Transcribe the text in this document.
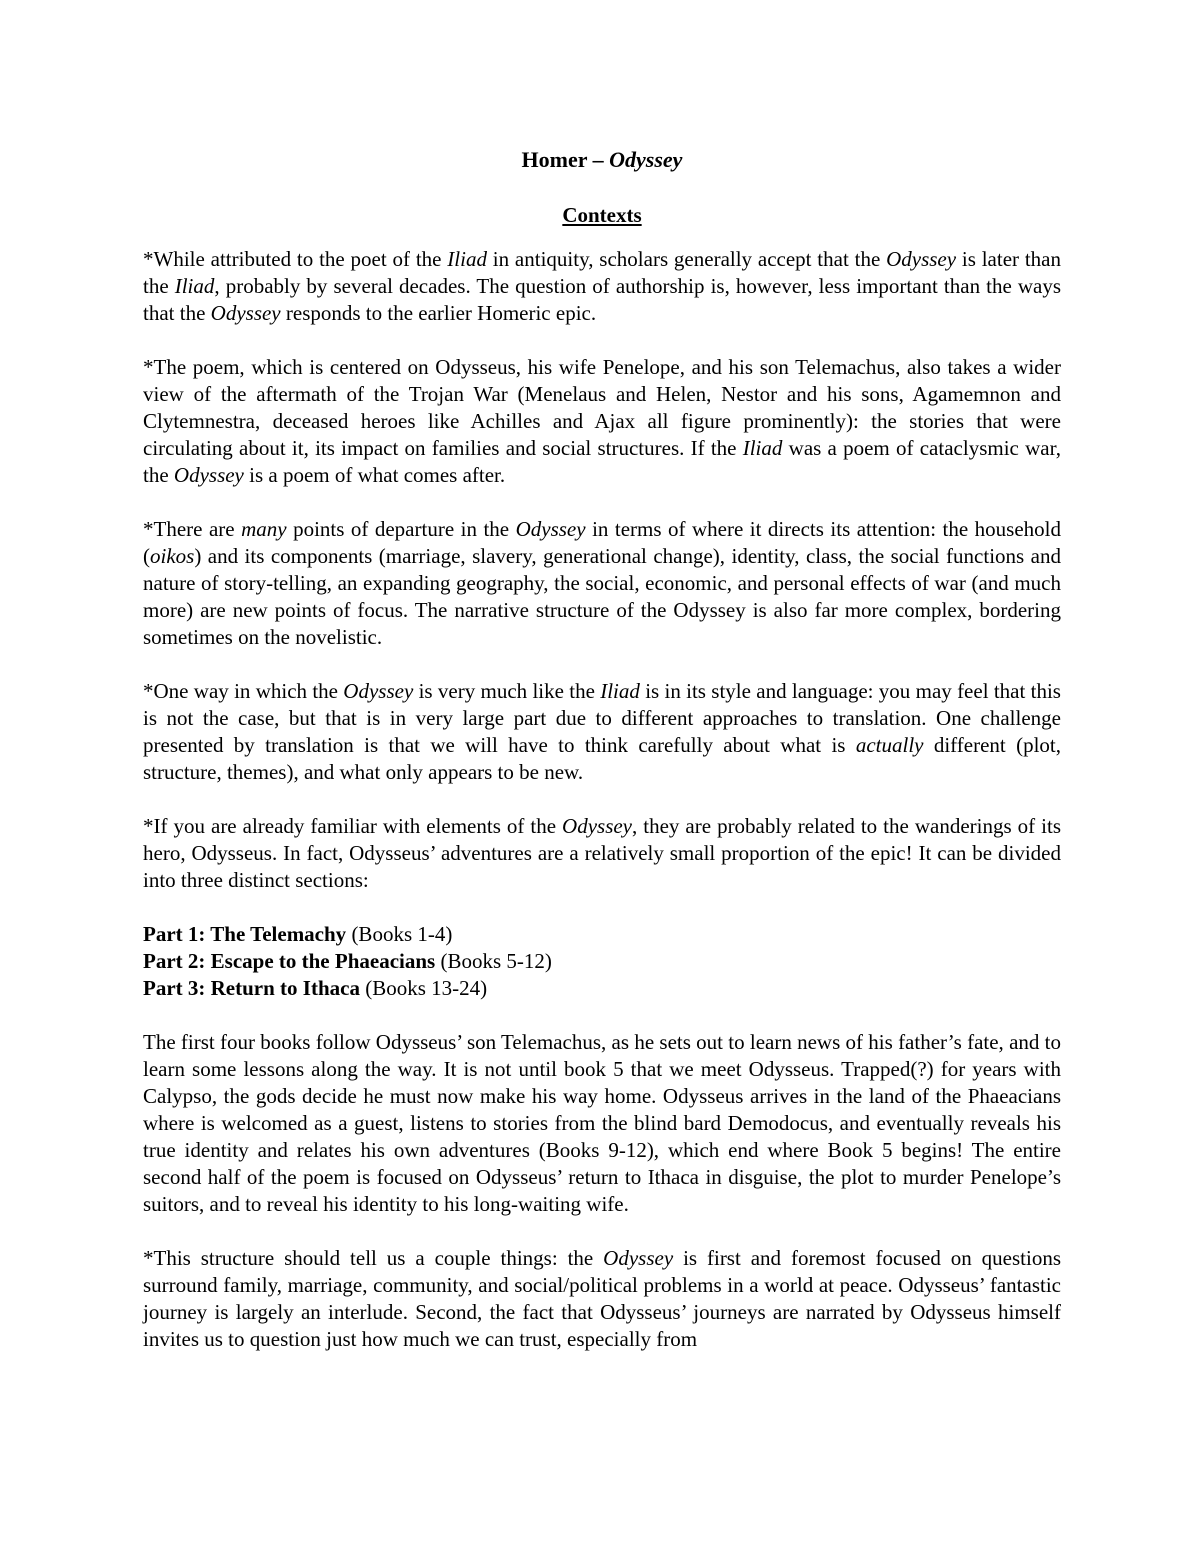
Homer – Odyssey
Contexts

*While attributed to the poet of the Iliad in antiquity, scholars generally accept that the Odyssey is later than the Iliad, probably by several decades. The question of authorship is, however, less important than the ways that the Odyssey responds to the earlier Homeric epic.

*The poem, which is centered on Odysseus, his wife Penelope, and his son Telemachus, also takes a wider view of the aftermath of the Trojan War (Menelaus and Helen, Nestor and his sons, Agamemnon and Clytemnestra, deceased heroes like Achilles and Ajax all figure prominently): the stories that were circulating about it, its impact on families and social structures. If the Iliad was a poem of cataclysmic war, the Odyssey is a poem of what comes after.

*There are many points of departure in the Odyssey in terms of where it directs its attention: the household (oikos) and its components (marriage, slavery, generational change), identity, class, the social functions and nature of story-telling, an expanding geography, the social, economic, and personal effects of war (and much more) are new points of focus. The narrative structure of the Odyssey is also far more complex, bordering sometimes on the novelistic.

*One way in which the Odyssey is very much like the Iliad is in its style and language: you may feel that this is not the case, but that is in very large part due to different approaches to translation. One challenge presented by translation is that we will have to think carefully about what is actually different (plot, structure, themes), and what only appears to be new.

*If you are already familiar with elements of the Odyssey, they are probably related to the wanderings of its hero, Odysseus. In fact, Odysseus’ adventures are a relatively small proportion of the epic! It can be divided into three distinct sections:

Part 1: The Telemachy (Books 1-4)

Part 2: Escape to the Phaeacians (Books 5-12)

Part 3: Return to Ithaca (Books 13-24)

The first four books follow Odysseus’ son Telemachus, as he sets out to learn news of his father’s fate, and to learn some lessons along the way. It is not until book 5 that we meet Odysseus. Trapped(?) for years with Calypso, the gods decide he must now make his way home. Odysseus arrives in the land of the Phaeacians where is welcomed as a guest, listens to stories from the blind bard Demodocus, and eventually reveals his true identity and relates his own adventures (Books 9-12), which end where Book 5 begins! The entire second half of the poem is focused on Odysseus’ return to Ithaca in disguise, the plot to murder Penelope’s suitors, and to reveal his identity to his long-waiting wife.

*This structure should tell us a couple things: the Odyssey is first and foremost focused on questions surround family, marriage, community, and social/political problems in a world at peace. Odysseus’ fantastic journey is largely an interlude. Second, the fact that Odysseus’ journeys are narrated by Odysseus himself invites us to question just how much we can trust, especially from
